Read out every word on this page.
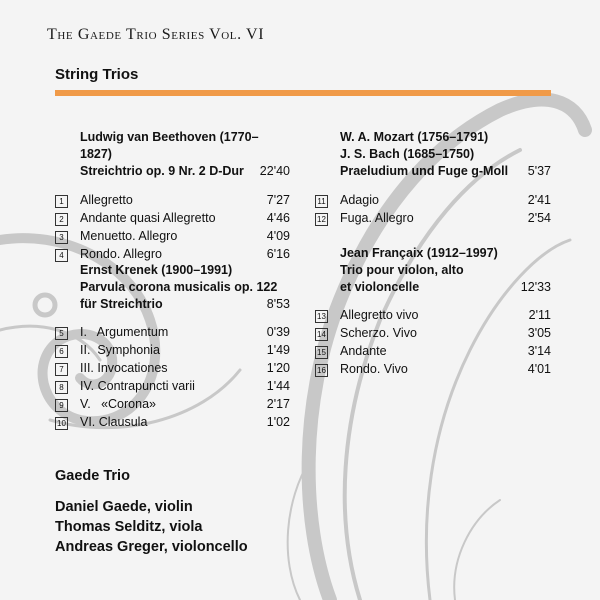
The Gaede Trio Series Vol. VI
String Trios
Ludwig van Beethoven (1770–1827)
Streichtrio op. 9 Nr. 2 D-Dur 22'40
1	Allegretto	7'27
2	Andante quasi Allegretto	4'46
3	Menuetto. Allegro	4'09
4	Rondo. Allegro	6'16
Ernst Krenek (1900–1991)
Parvula corona musicalis op. 122
für Streichtrio	8'53
5	I.   Argumentum	0'39
6	II.  Symphonia	1'49
7	III. Invocationes	1'20
8	IV. Contrapuncti varii	1'44
9	V.   «Corona»	2'17
10 VI. Clausula	1'02
W. A. Mozart (1756–1791)
J. S. Bach (1685–1750)
Praeludium und Fuge g-Moll 5'37
11 Adagio	2'41
12 Fuga. Allegro	2'54
Jean Françaix (1912–1997)
Trio pour violon, alto
et violoncelle	12'33
13 Allegretto vivo	2'11
14 Scherzo. Vivo	3'05
15 Andante	3'14
16 Rondo. Vivo	4'01
Gaede Trio
Daniel Gaede, violin
Thomas Selditz, viola
Andreas Greger, violoncello
